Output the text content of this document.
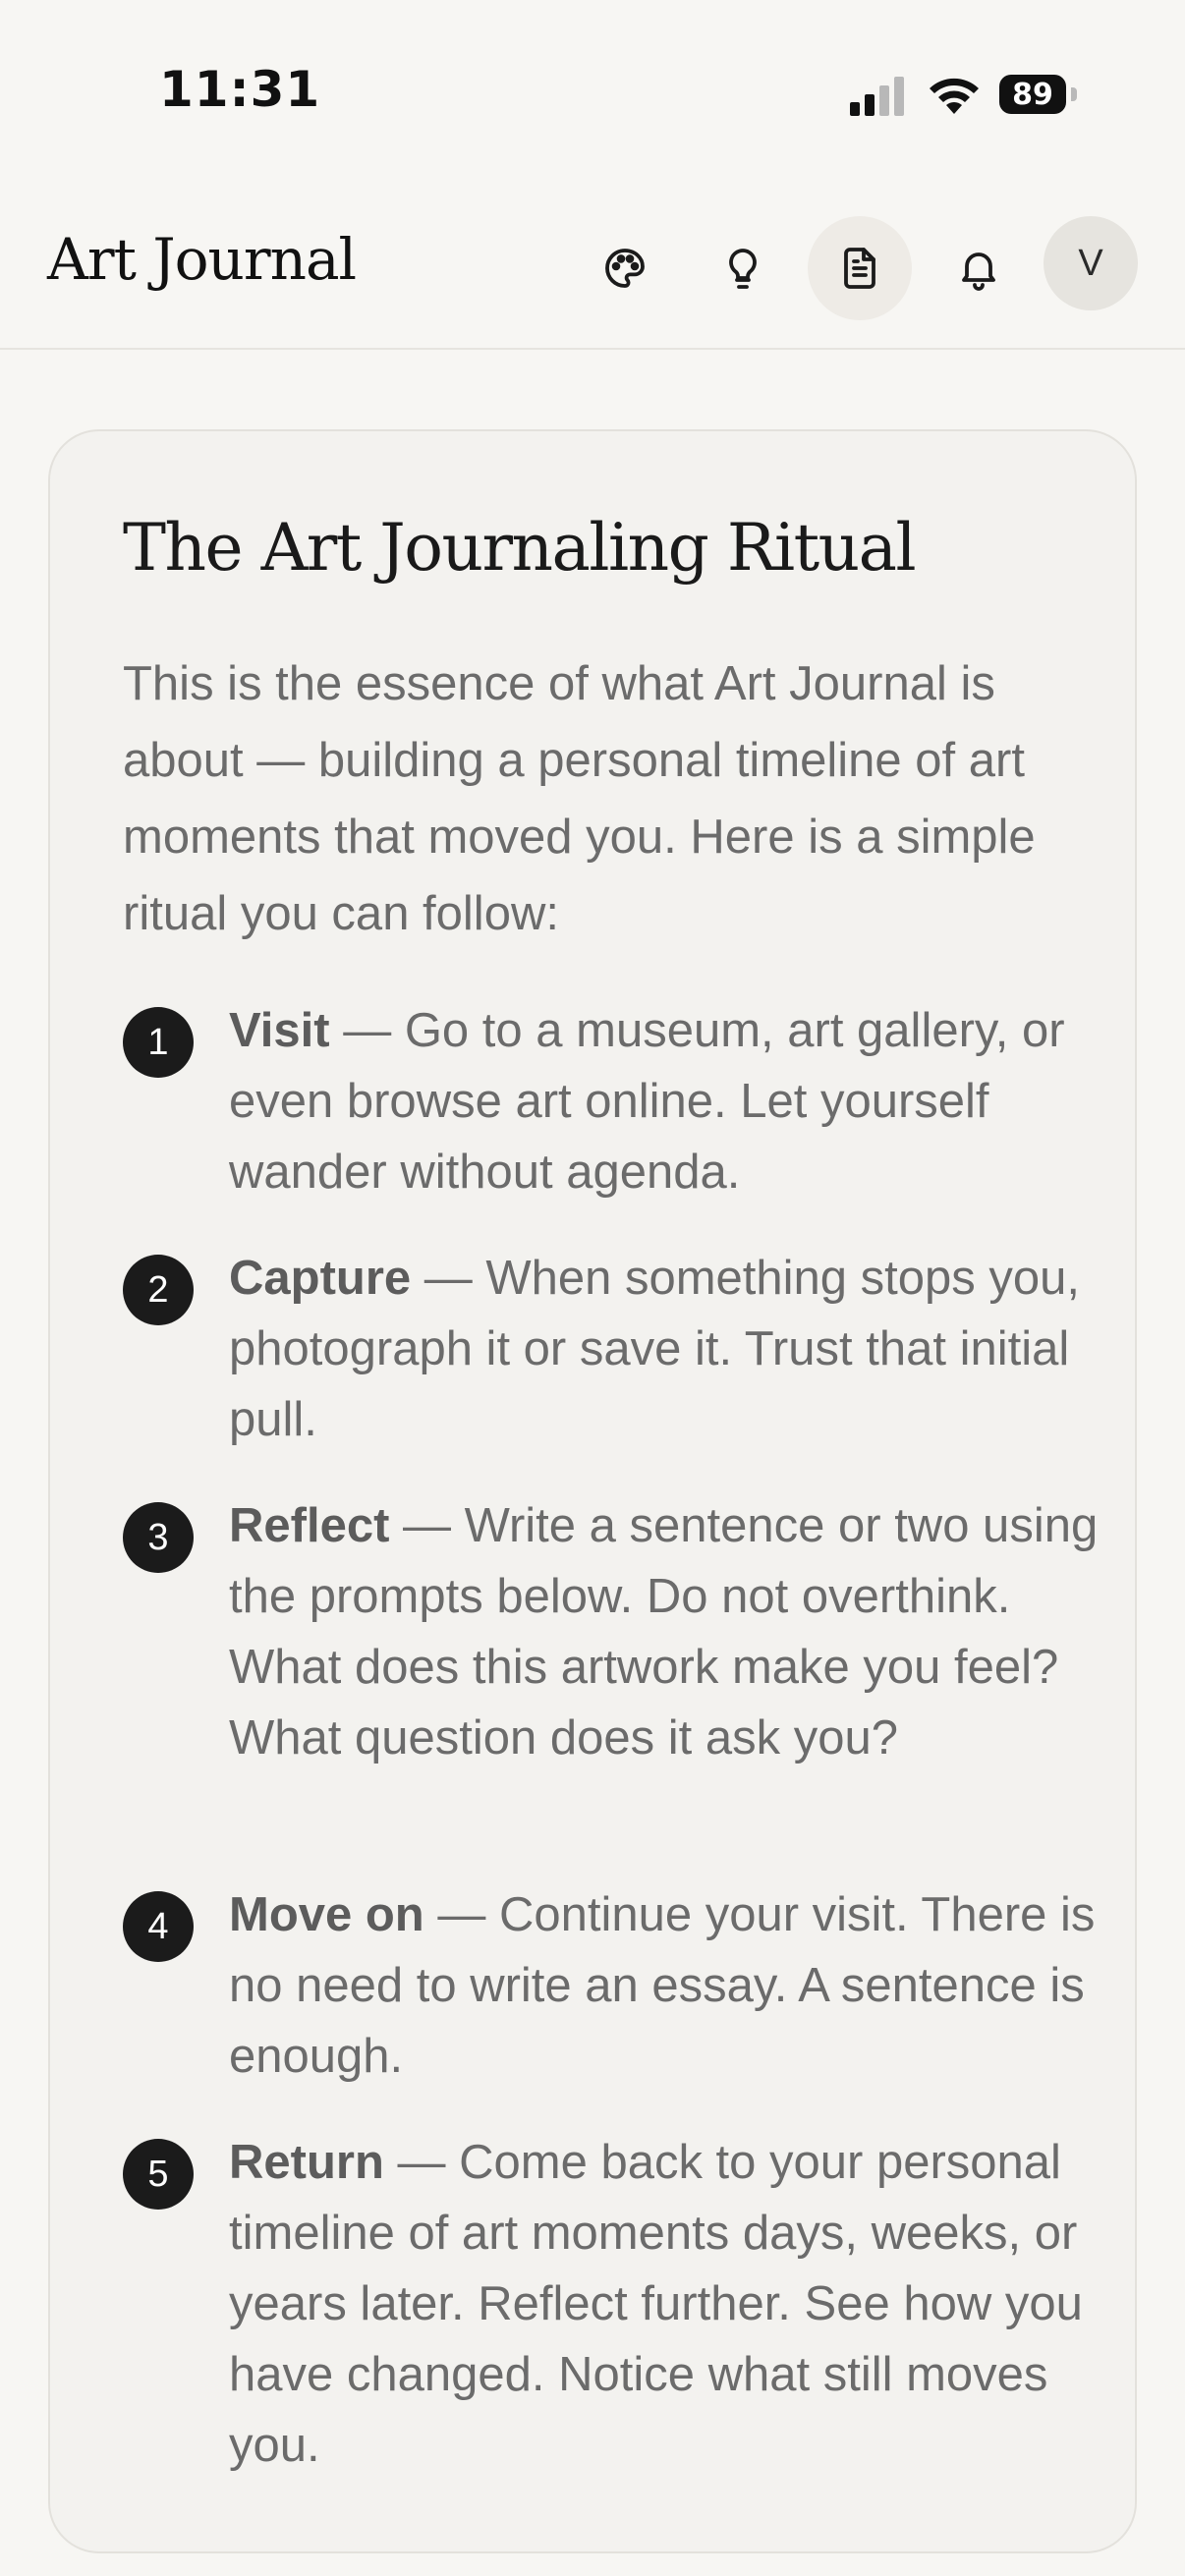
11:31	89
Art Journal	V
The Art Journaling Ritual
This is the essence of what Art Journal is about — building a personal timeline of art moments that moved you. Here is a simple ritual you can follow:
1	Visit — Go to a museum, art gallery, or even browse art online. Let yourself wander without agenda.
2	Capture — When something stops you, photograph it or save it. Trust that initial pull.
3	Reflect — Write a sentence or two using the prompts below. Do not overthink. What does this artwork make you feel? What question does it ask you?
4	Move on — Continue your visit. There is no need to write an essay. A sentence is enough.
5	Return — Come back to your personal timeline of art moments days, weeks, or years later. Reflect further. See how you have changed. Notice what still moves you.
